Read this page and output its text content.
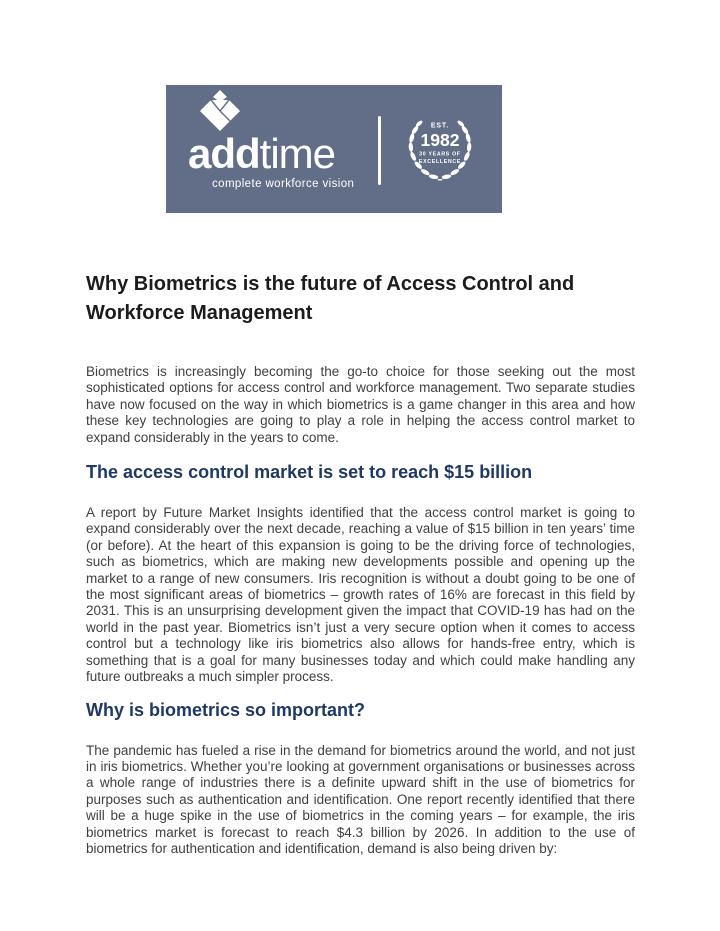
addtime
complete workforce vision
EST.
1982
30 YEARS OF
EXCELLENCE
Why Biometrics is the future of Access Control and Workforce Management

Biometrics is increasingly becoming the go-to choice for those seeking out the most sophisticated options for access control and workforce management. Two separate studies have now focused on the way in which biometrics is a game changer in this area and how these key technologies are going to play a role in helping the access control market to expand considerably in the years to come.

The access control market is set to reach $15 billion

A report by Future Market Insights identified that the access control market is going to expand considerably over the next decade, reaching a value of $15 billion in ten years’ time (or before). At the heart of this expansion is going to be the driving force of technologies, such as biometrics, which are making new developments possible and opening up the market to a range of new consumers. Iris recognition is without a doubt going to be one of the most significant areas of biometrics – growth rates of 16% are forecast in this field by 2031. This is an unsurprising development given the impact that COVID-19 has had on the world in the past year. Biometrics isn’t just a very secure option when it comes to access control but a technology like iris biometrics also allows for hands-free entry, which is something that is a goal for many businesses today and which could make handling any future outbreaks a much simpler process.

Why is biometrics so important?

The pandemic has fueled a rise in the demand for biometrics around the world, and not just in iris biometrics. Whether you’re looking at government organisations or businesses across a whole range of industries there is a definite upward shift in the use of biometrics for purposes such as authentication and identification. One report recently identified that there will be a huge spike in the use of biometrics in the coming years – for example, the iris biometrics market is forecast to reach $4.3 billion by 2026. In addition to the use of biometrics for authentication and identification, demand is also being driven by:
